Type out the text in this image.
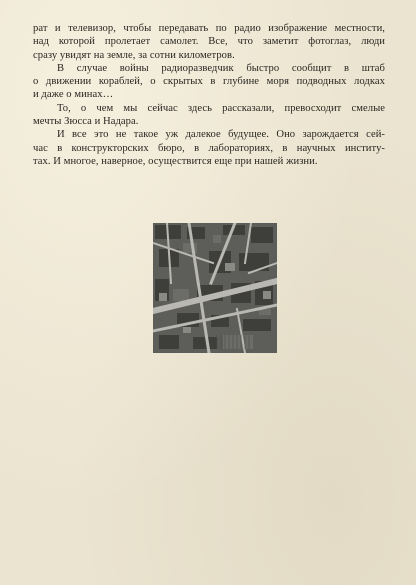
рат и телевизор, чтобы передавать по радио изображение местности,
над которой пролетает самолет. Все, что заметит фотоглаз, люди
сразу увидят на земле, за сотни километров.

В случае войны радиоразведчик быстро сообщит в штаб
о движении кораблей, о скрытых в глубине моря подводных лодках
и даже о минах…

То, о чем мы сейчас здесь рассказали, превосходит смелые
мечты Зюсса и Надара.

И все это не такое уж далекое будущее. Оно зарождается сей-
час в конструкторских бюро, в лабораториях, в научных институ-
тах. И многое, наверное, осуществится еще при нашей жизни.
